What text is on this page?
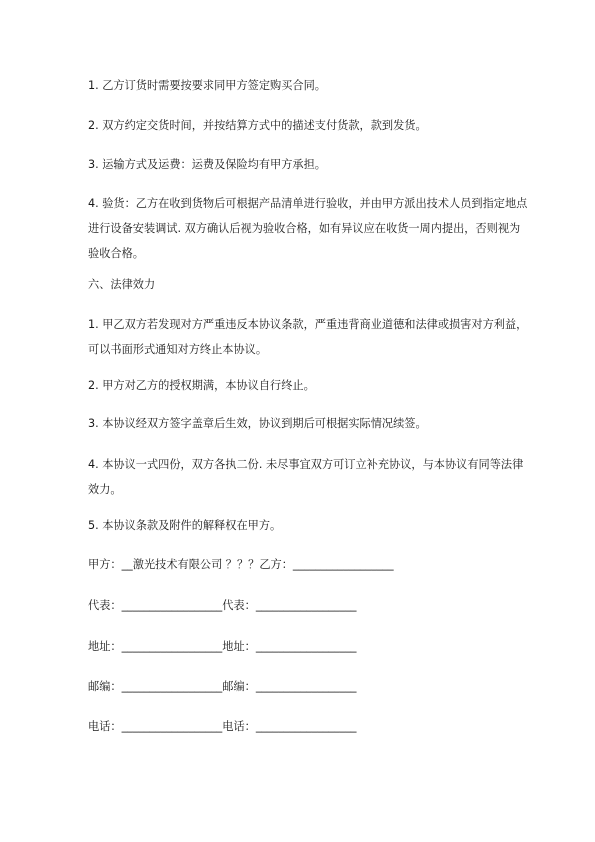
1. 乙方订货时需要按要求同甲方签定购买合同。

2. 双方约定交货时间，并按结算方式中的描述支付货款，款到发货。

3. 运输方式及运费：运费及保险均有甲方承担。

4. 验货：乙方在收到货物后可根据产品清单进行验收，并由甲方派出技术人员到指定地点进行设备安装调试. 双方确认后视为验收合格，如有异议应在收货一周内提出，否则视为验收合格。

六、法律效力

1. 甲乙双方若发现对方严重违反本协议条款，严重违背商业道德和法律或损害对方利益，可以书面形式通知对方终止本协议。

2. 甲方对乙方的授权期满，本协议自行终止。

3. 本协议经双方签字盖章后生效，协议到期后可根据实际情况续签。

4. 本协议一式四份，双方各执二份. 未尽事宜双方可订立补充协议，与本协议有同等法律效力。

5. 本协议条款及附件的解释权在甲方。

甲方：__激光技术有限公司 ？？？乙方：__________________

代表：__________________代表：__________________

地址：__________________地址：__________________

邮编：__________________邮编：__________________

电话：__________________电话：__________________
